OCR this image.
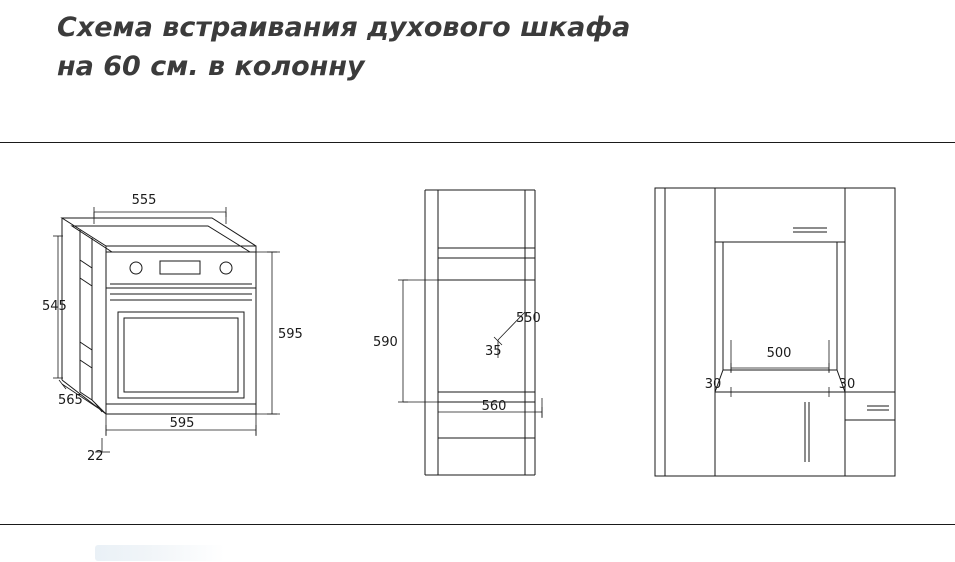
Схема встраивания духового шкафа
на 60 см. в колонну
555
545
595
565
595
22
590
550
35
560
500
30	30
